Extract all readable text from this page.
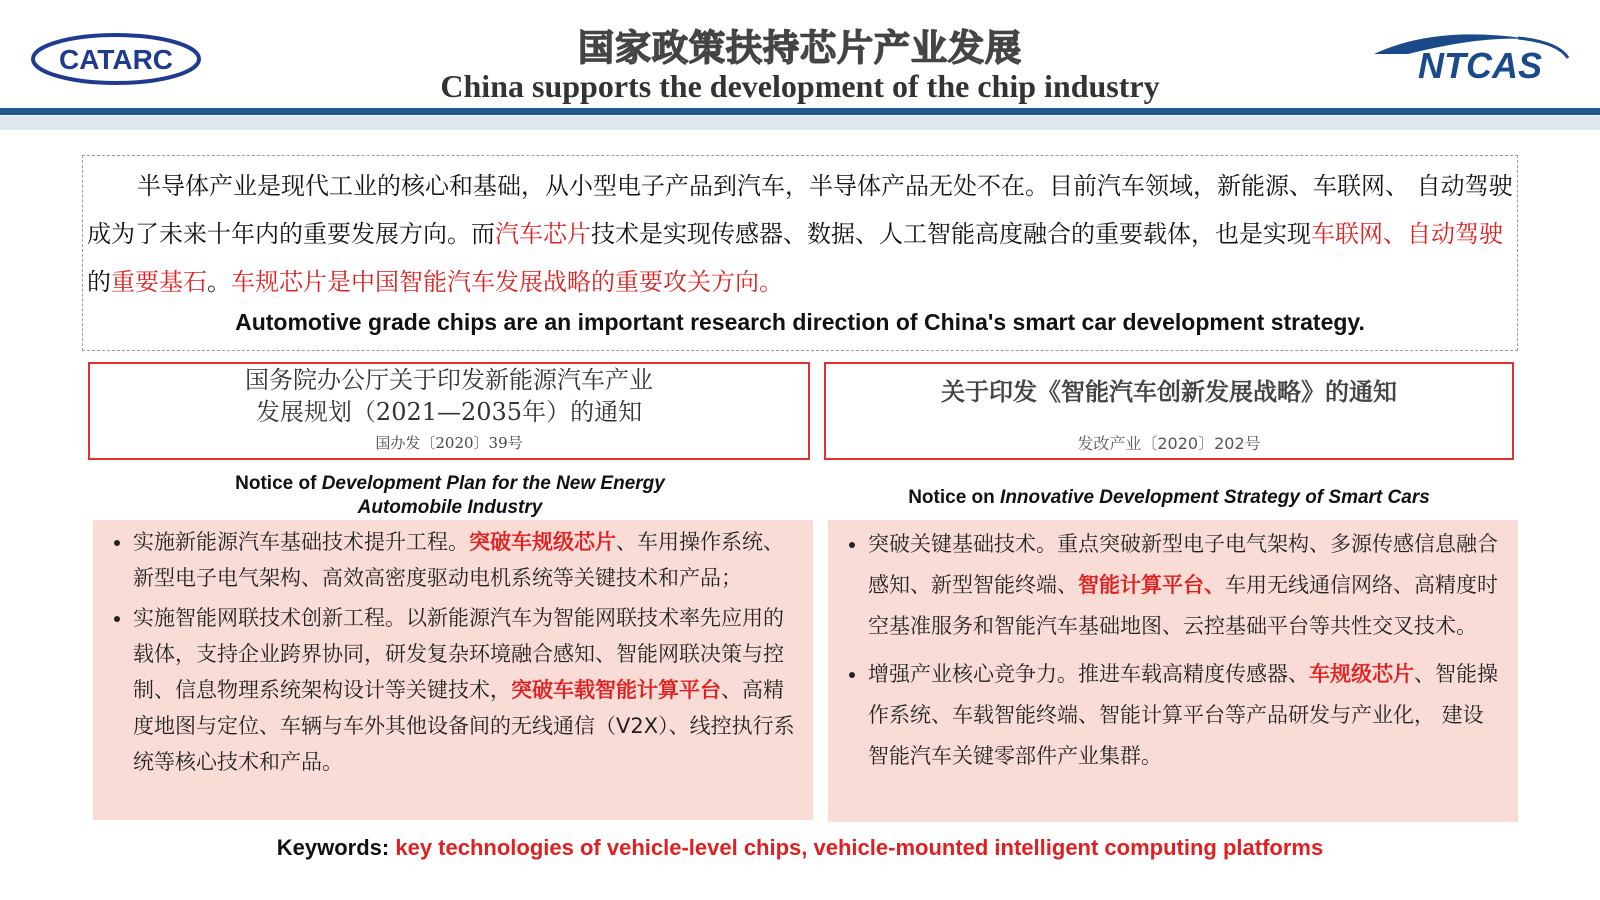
CATARC	国家政策扶持芯片产业发展
China supports the development of the chip industry	NTCAS

半导体产业是现代工业的核心和基础，从小型电子产品到汽车，半导体产品无处不在。目前汽车领域，新能源、车联网、 自动驾驶成为了未来十年内的重要发展方向。而汽车芯片技术是实现传感器、数据、人工智能高度融合的重要载体，也是实现车联网、自动驾驶的重要基石。车规芯片是中国智能汽车发展战略的重要攻关方向。

Automotive grade chips are an important research direction of China's smart car development strategy.

国务院办公厅关于印发新能源汽车产业
发展规划（2021—2035年）的通知
国办发〔2020〕39号
关于印发《智能汽车创新发展战略》的通知
发改产业〔2020〕202号
Notice of Development Plan for the New Energy Automobile Industry	Notice on Innovative Development Strategy of Smart Cars
• 实施新能源汽车基础技术提升工程。突破车规级芯片、车用操作系统、新型电子电气架构、高效高密度驱动电机系统等关键技术和产品；
• 实施智能网联技术创新工程。以新能源汽车为智能网联技术率先应用的载体，支持企业跨界协同，研发复杂环境融合感知、智能网联决策与控制、信息物理系统架构设计等关键技术，突破车载智能计算平台、高精度地图与定位、车辆与车外其他设备间的无线通信（V2X）、线控执行系统等核心技术和产品。
• 突破关键基础技术。重点突破新型电子电气架构、多源传感信息融合感知、新型智能终端、智能计算平台、车用无线通信网络、高精度时空基准服务和智能汽车基础地图、云控基础平台等共性交叉技术。
• 增强产业核心竞争力。推进车载高精度传感器、车规级芯片、智能操作系统、车载智能终端、智能计算平台等产品研发与产业化， 建设智能汽车关键零部件产业集群。
Keywords: key technologies of vehicle-level chips, vehicle-mounted intelligent computing platforms
